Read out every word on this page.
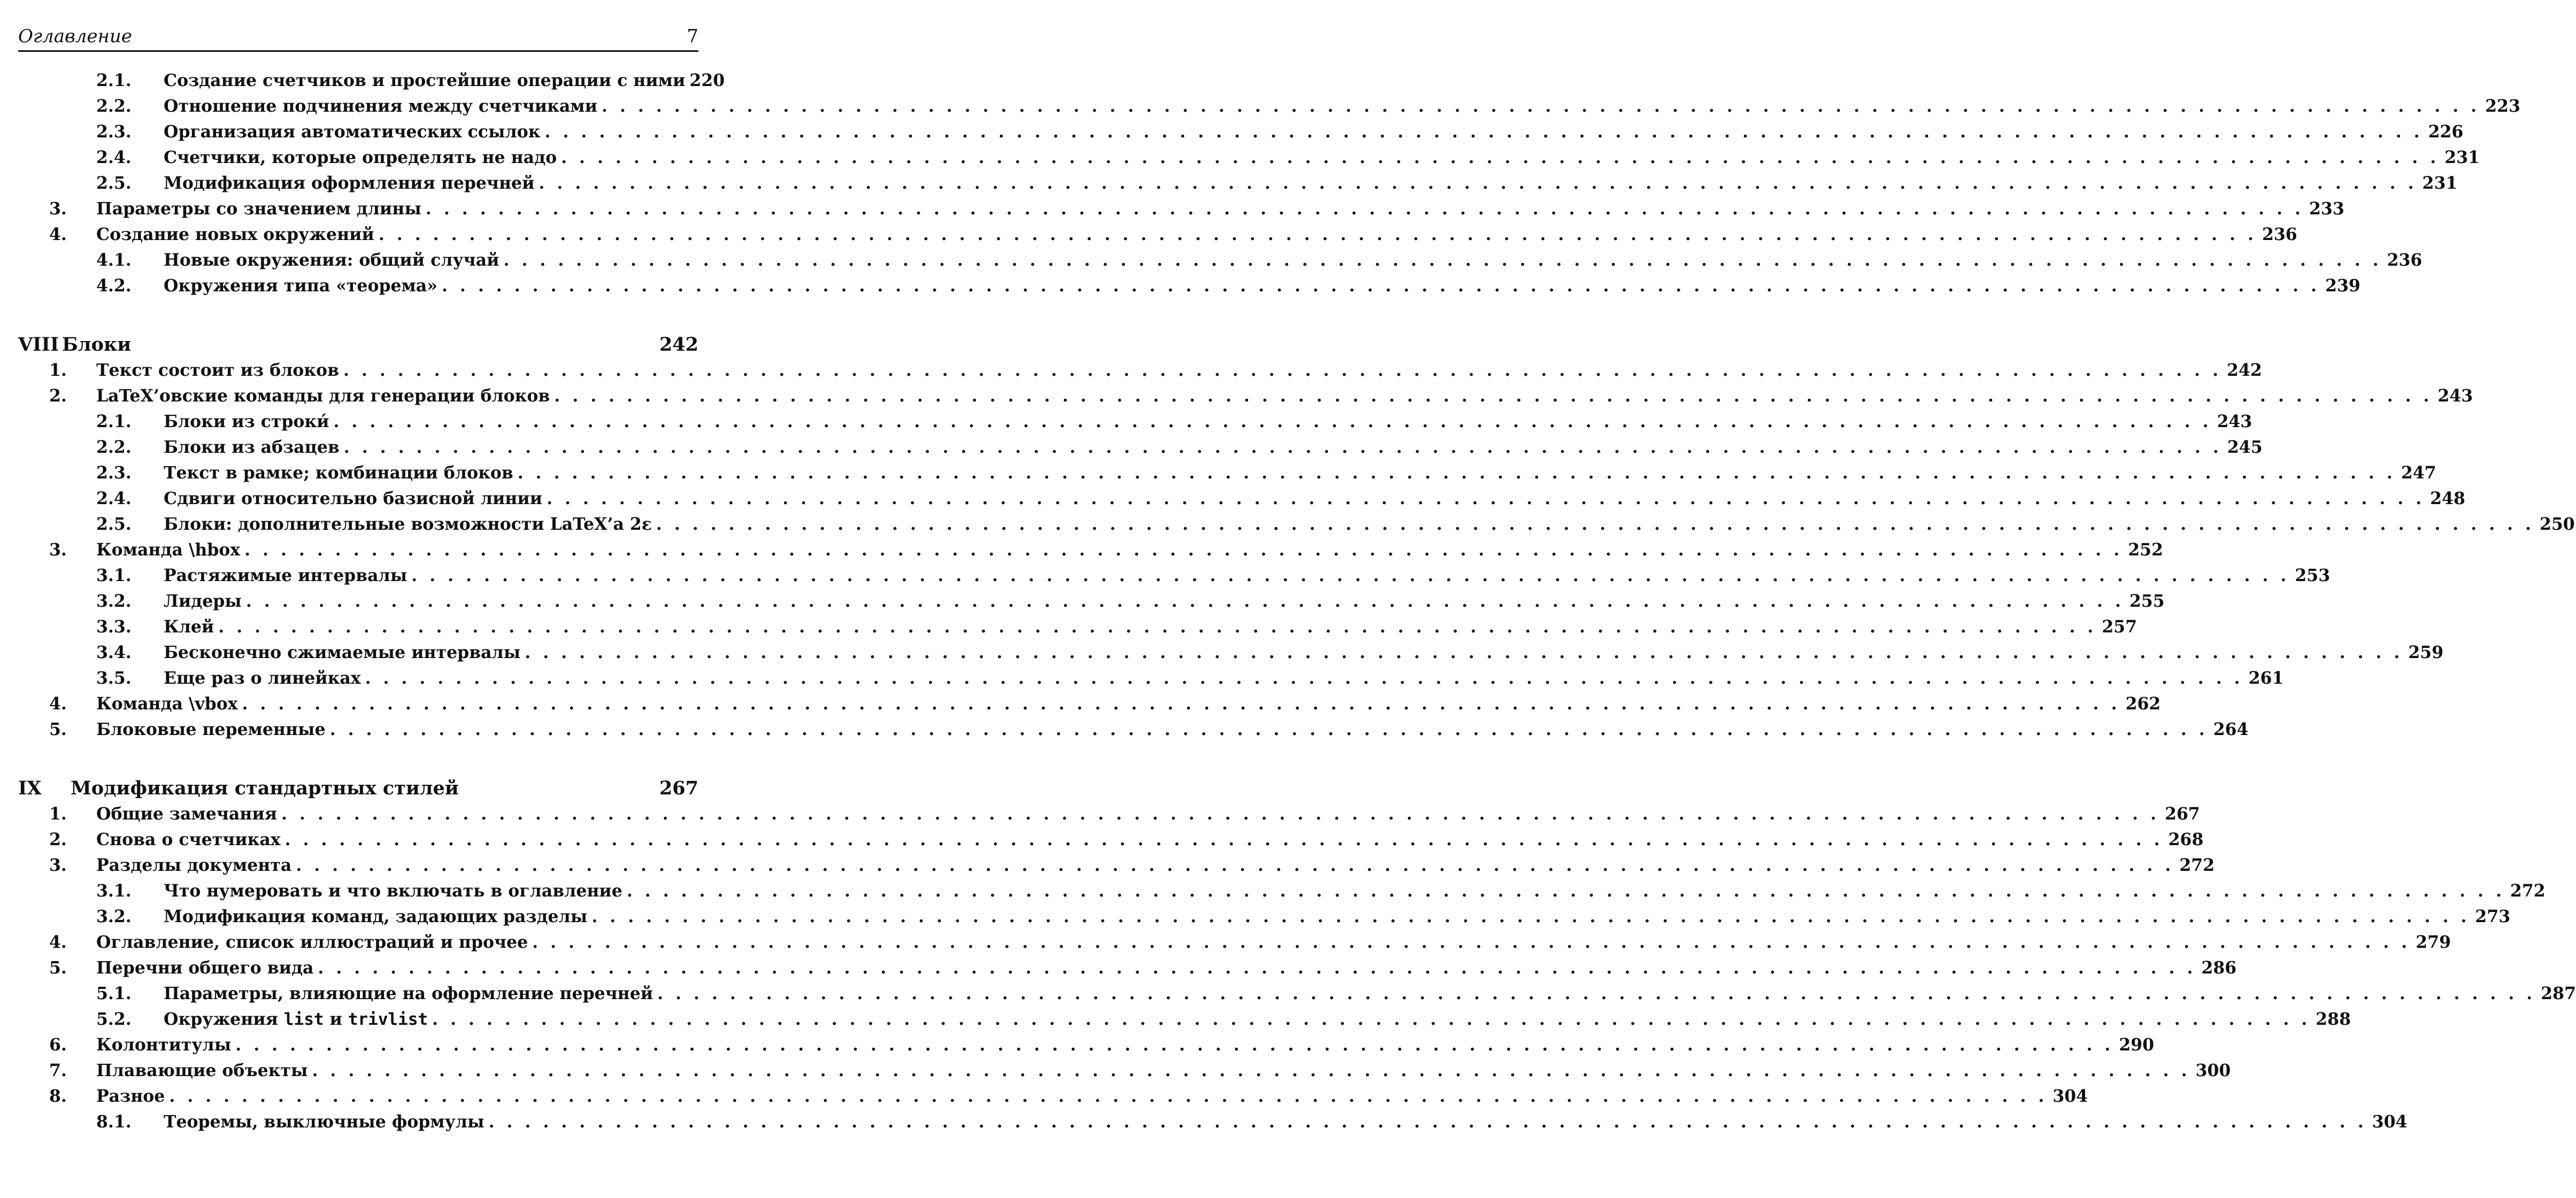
Оглавление	7
2.1.	Создание счетчиков и простейшие операции с ними 220
2.2.	Отношение подчинения между счетчиками . . .	223
2.3.	Организация автоматических ссылок . . .	226
2.4.	Счетчики, которые определять не надо . . .	231
2.5.	Модификация оформления перечней . . .	231
3.	Параметры со значением длины . . .	233
4.	Создание новых окружений . . .	236
4.1.	Новые окружения: общий случай . . .	236
4.2.	Окружения типа «теорема» . . .	239
VIII Блоки	242
1.	Текст состоит из блоков . . .	242
2.	LaTeX’овские команды для генерации блоков . . .	243
2.1.	Блоки из строки́ . . .	243
2.2.	Блоки из абзацев . . .	245
2.3.	Текст в рамке; комбинации блоков . . .	247
2.4.	Сдвиги относительно базисной линии . . .	248
2.5.	Блоки: дополнительные возможности LaTeX’а 2ε . . .	250
3.	Команда \hbox . . .	252
3.1.	Растяжимые интервалы . . .	253
3.2.	Лидеры . . .	255
3.3.	Клей . . .	257
3.4.	Бесконечно сжимаемые интервалы . . .	259
3.5.	Еще раз о линейках . . .	261
4.	Команда \vbox . . .	262
5.	Блоковые переменные . . .	264
IX Модификация стандартных стилей	267
1.	Общие замечания . . .	267
2.	Снова о счетчиках . . .	268
3.	Разделы документа . . .	272
3.1.	Что нумеровать и что включать в оглавление . . .	272
3.2.	Модификация команд, задающих разделы . . .	273
4.	Оглавление, список иллюстраций и прочее . . .	279
5.	Перечни общего вида . . .	286
5.1.	Параметры, влияющие на оформление перечней . . .	287
5.2.	Окружения list и trivlist . . .	288
6.	Колонтитулы . . .	290
7.	Плавающие объекты . . .	300
8.	Разное . . .	304
8.1.	Теоремы, выключные формулы . . .	304
